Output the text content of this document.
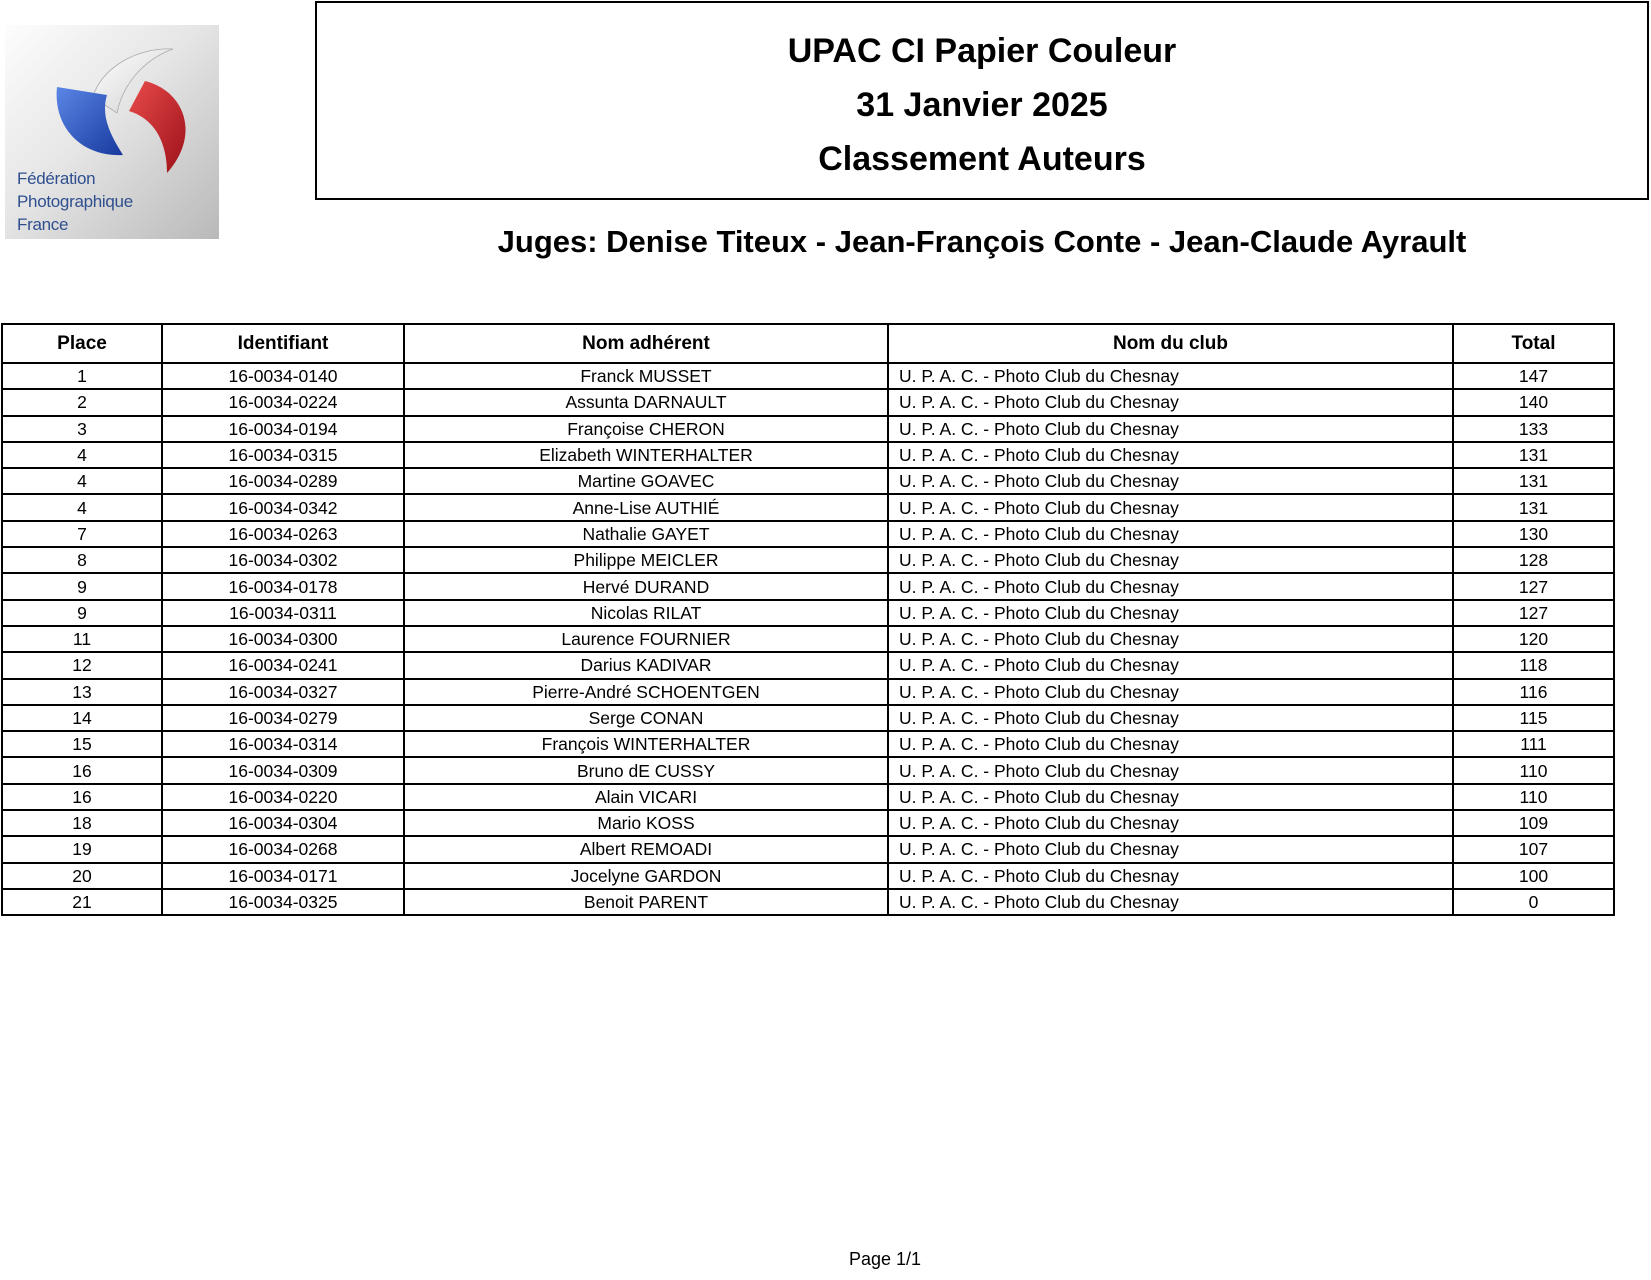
Fédération
Photographique
France
UPAC CI Papier Couleur
31 Janvier 2025
Classement Auteurs
Juges: Denise Titeux - Jean-François Conte - Jean-Claude Ayrault
Place	Identifiant	Nom adhérent	Nom du club	Total
1	16-0034-0140	Franck MUSSET	U. P. A. C. - Photo Club du Chesnay	147
2	16-0034-0224	Assunta DARNAULT	U. P. A. C. - Photo Club du Chesnay	140
3	16-0034-0194	Françoise CHERON	U. P. A. C. - Photo Club du Chesnay	133
4	16-0034-0315	Elizabeth WINTERHALTER	U. P. A. C. - Photo Club du Chesnay	131
4	16-0034-0289	Martine GOAVEC	U. P. A. C. - Photo Club du Chesnay	131
4	16-0034-0342	Anne-Lise AUTHIÉ	U. P. A. C. - Photo Club du Chesnay	131
7	16-0034-0263	Nathalie GAYET	U. P. A. C. - Photo Club du Chesnay	130
8	16-0034-0302	Philippe MEICLER	U. P. A. C. - Photo Club du Chesnay	128
9	16-0034-0178	Hervé DURAND	U. P. A. C. - Photo Club du Chesnay	127
9	16-0034-0311	Nicolas RILAT	U. P. A. C. - Photo Club du Chesnay	127
11	16-0034-0300	Laurence FOURNIER	U. P. A. C. - Photo Club du Chesnay	120
12	16-0034-0241	Darius KADIVAR	U. P. A. C. - Photo Club du Chesnay	118
13	16-0034-0327	Pierre-André SCHOENTGEN	U. P. A. C. - Photo Club du Chesnay	116
14	16-0034-0279	Serge CONAN	U. P. A. C. - Photo Club du Chesnay	115
15	16-0034-0314	François WINTERHALTER	U. P. A. C. - Photo Club du Chesnay	111
16	16-0034-0309	Bruno dE CUSSY	U. P. A. C. - Photo Club du Chesnay	110
16	16-0034-0220	Alain VICARI	U. P. A. C. - Photo Club du Chesnay	110
18	16-0034-0304	Mario KOSS	U. P. A. C. - Photo Club du Chesnay	109
19	16-0034-0268	Albert REMOADI	U. P. A. C. - Photo Club du Chesnay	107
20	16-0034-0171	Jocelyne GARDON	U. P. A. C. - Photo Club du Chesnay	100
21	16-0034-0325	Benoit PARENT	U. P. A. C. - Photo Club du Chesnay	0
Page 1/1
